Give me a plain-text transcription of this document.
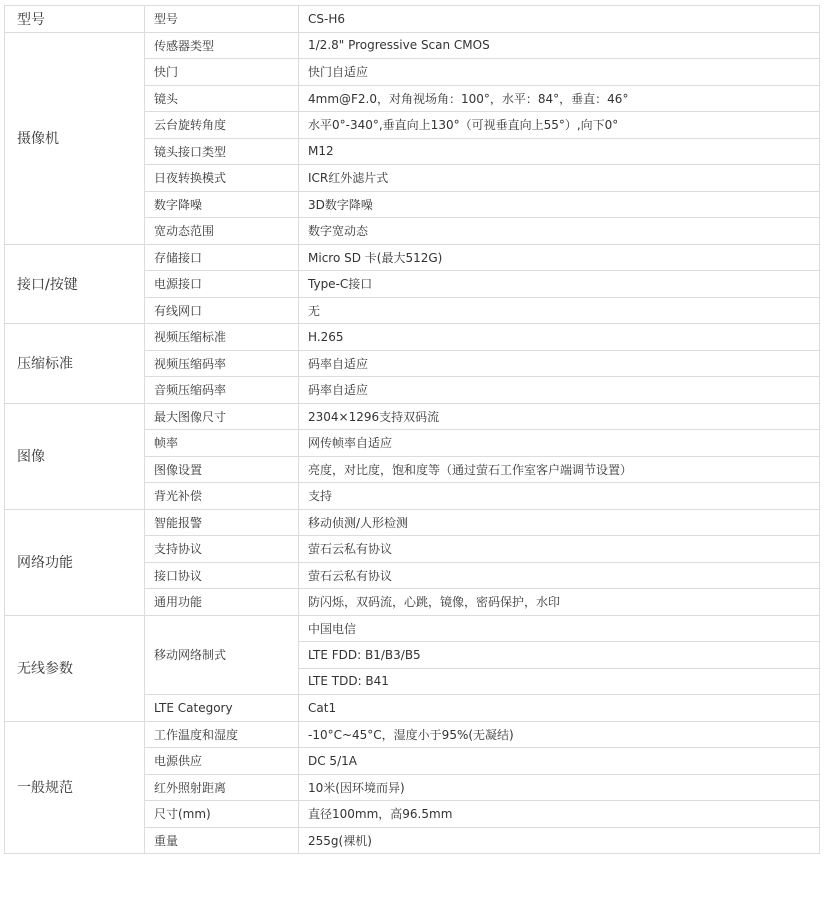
型号	型号	CS-H6
摄像机	传感器类型	1/2.8" Progressive Scan CMOS
	快门	快门自适应
	镜头	4mm@F2.0，对角视场角：100°，水平：84°，垂直：46°
	云台旋转角度	水平0°-340°,垂直向上130°（可视垂直向上55°）,向下0°
	镜头接口类型	M12
	日夜转换模式	ICR红外滤片式
	数字降噪	3D数字降噪
	宽动态范围	数字宽动态
接口/按键	存储接口	Micro SD 卡(最大512G)
	电源接口	Type-C接口
	有线网口	无
压缩标准	视频压缩标准	H.265
	视频压缩码率	码率自适应
	音频压缩码率	码率自适应
图像	最大图像尺寸	2304×1296支持双码流
	帧率	网传帧率自适应
	图像设置	亮度，对比度，饱和度等（通过萤石工作室客户端调节设置）
	背光补偿	支持
网络功能	智能报警	移动侦测/人形检测
	支持协议	萤石云私有协议
	接口协议	萤石云私有协议
	通用功能	防闪烁，双码流，心跳，镜像，密码保护，水印
无线参数	移动网络制式	中国电信
		LTE FDD: B1/B3/B5
		LTE TDD: B41
	LTE Category	Cat1
一般规范	工作温度和湿度	-10°C~45°C，湿度小于95%(无凝结)
	电源供应	DC 5/1A
	红外照射距离	10米(因环境而异)
	尺寸(mm)	直径100mm，高96.5mm
	重量	255g(裸机)
